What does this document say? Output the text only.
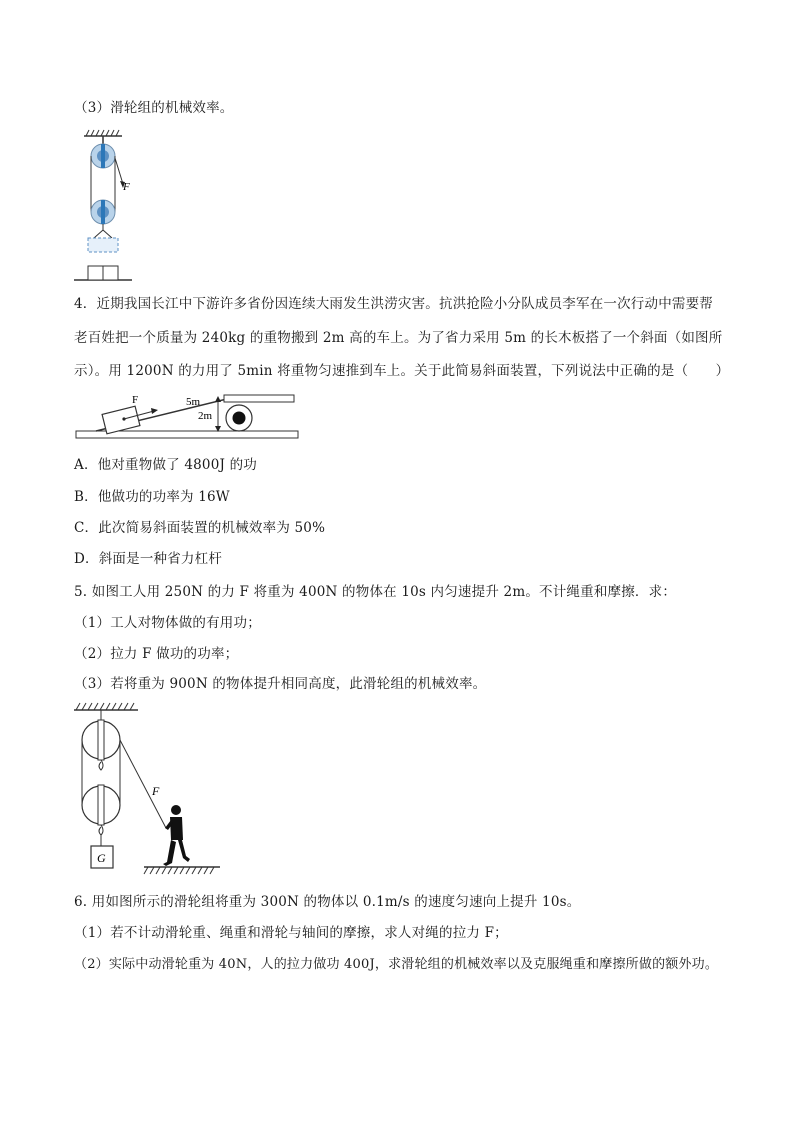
（3）滑轮组的机械效率。
F
4．近期我国长江中下游许多省份因连续大雨发生洪涝灾害。抗洪抢险小分队成员李军在一次行动中需要帮
老百姓把一个质量为 240kg 的重物搬到 2m 高的车上。为了省力采用 5m 的长木板搭了一个斜面（如图所
示）。用 1200N 的力用了 5min 将重物匀速推到车上。关于此简易斜面装置，下列说法中正确的是（　　）
F	5m
2m
A．他对重物做了 4800J 的功
B．他做功的功率为 16W
C．此次简易斜面装置的机械效率为 50%
D．斜面是一种省力杠杆
5. 如图工人用 250N 的力 F 将重为 400N 的物体在 10s 内匀速提升 2m。不计绳重和摩擦．求：
（1）工人对物体做的有用功；
（2）拉力 F 做功的功率；
（3）若将重为 900N 的物体提升相同高度，此滑轮组的机械效率。
F
G
6. 用如图所示的滑轮组将重为 300N 的物体以 0.1m/s 的速度匀速向上提升 10s。
（1）若不计动滑轮重、绳重和滑轮与轴间的摩擦，求人对绳的拉力 F；
（2）实际中动滑轮重为 40N，人的拉力做功 400J，求滑轮组的机械效率以及克服绳重和摩擦所做的额外功。
